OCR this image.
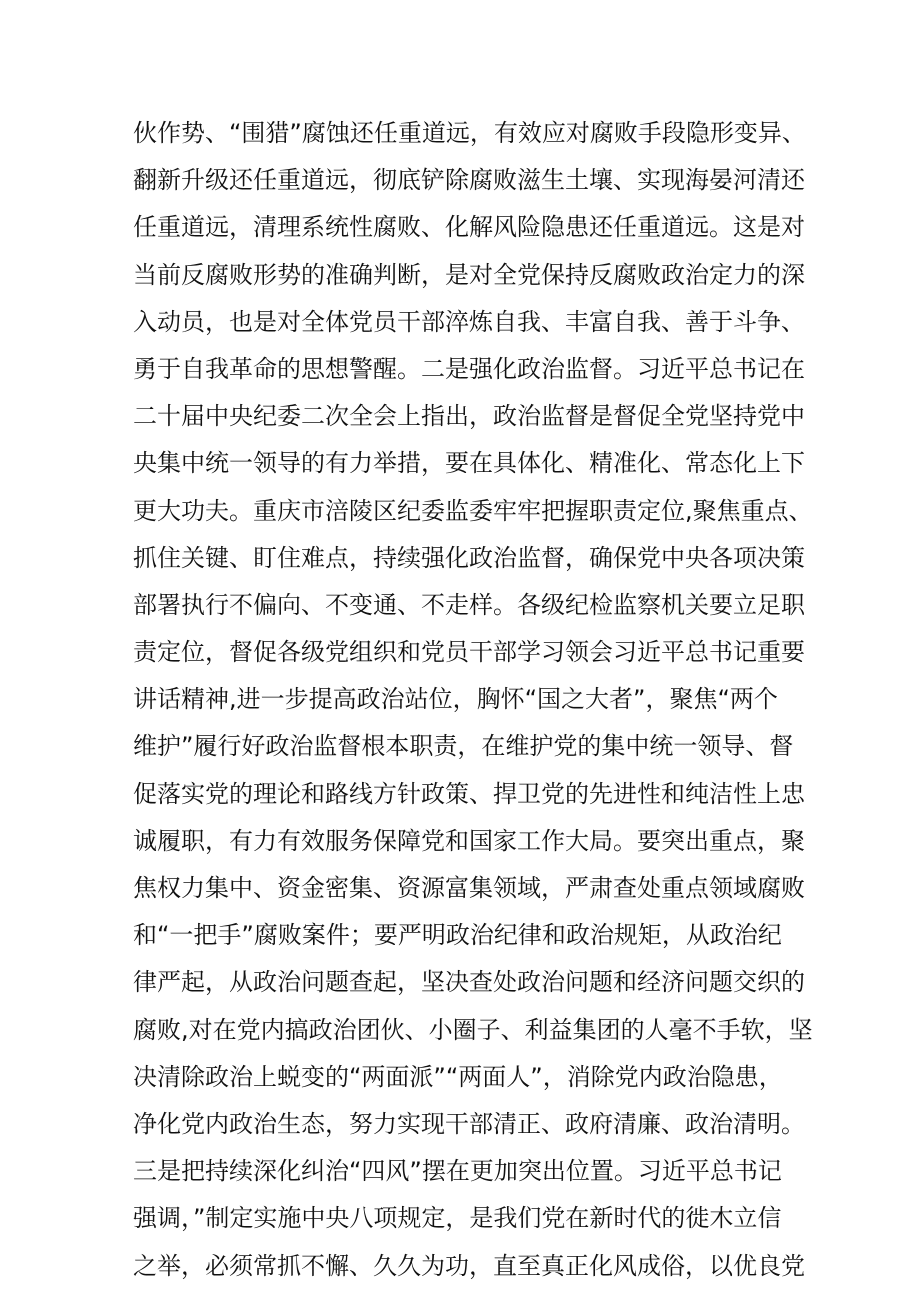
伙作势、“围猎”腐蚀还任重道远，有效应对腐败手段隐形变异、
翻新升级还任重道远，彻底铲除腐败滋生土壤、实现海晏河清还
任重道远，清理系统性腐败、化解风险隐患还任重道远。这是对
当前反腐败形势的准确判断，是对全党保持反腐败政治定力的深
入动员，也是对全体党员干部淬炼自我、丰富自我、善于斗争、
勇于自我革命的思想警醒。二是强化政治监督。习近平总书记在
二十届中央纪委二次全会上指出，政治监督是督促全党坚持党中
央集中统一领导的有力举措，要在具体化、精准化、常态化上下
更大功夫。重庆市涪陵区纪委监委牢牢把握职责定位,聚焦重点、
抓住关键、盯住难点，持续强化政治监督，确保党中央各项决策
部署执行不偏向、不变通、不走样。各级纪检监察机关要立足职
责定位，督促各级党组织和党员干部学习领会习近平总书记重要
讲话精神,进一步提高政治站位，胸怀“国之大者”，聚焦“两个
维护”履行好政治监督根本职责，在维护党的集中统一领导、督
促落实党的理论和路线方针政策、捍卫党的先进性和纯洁性上忠
诚履职，有力有效服务保障党和国家工作大局。要突出重点，聚
焦权力集中、资金密集、资源富集领域，严肃查处重点领域腐败
和“一把手”腐败案件；要严明政治纪律和政治规矩，从政治纪
律严起，从政治问题查起，坚决查处政治问题和经济问题交织的
腐败,对在党内搞政治团伙、小圈子、利益集团的人毫不手软，坚
决清除政治上蜕变的“两面派”“两面人”，消除党内政治隐患，
净化党内政治生态，努力实现干部清正、政府清廉、政治清明。
三是把持续深化纠治“四风”摆在更加突出位置。习近平总书记
强调，”制定实施中央八项规定，是我们党在新时代的徙木立信
之举，必须常抓不懈、久久为功，直至真正化风成俗，以优良党
